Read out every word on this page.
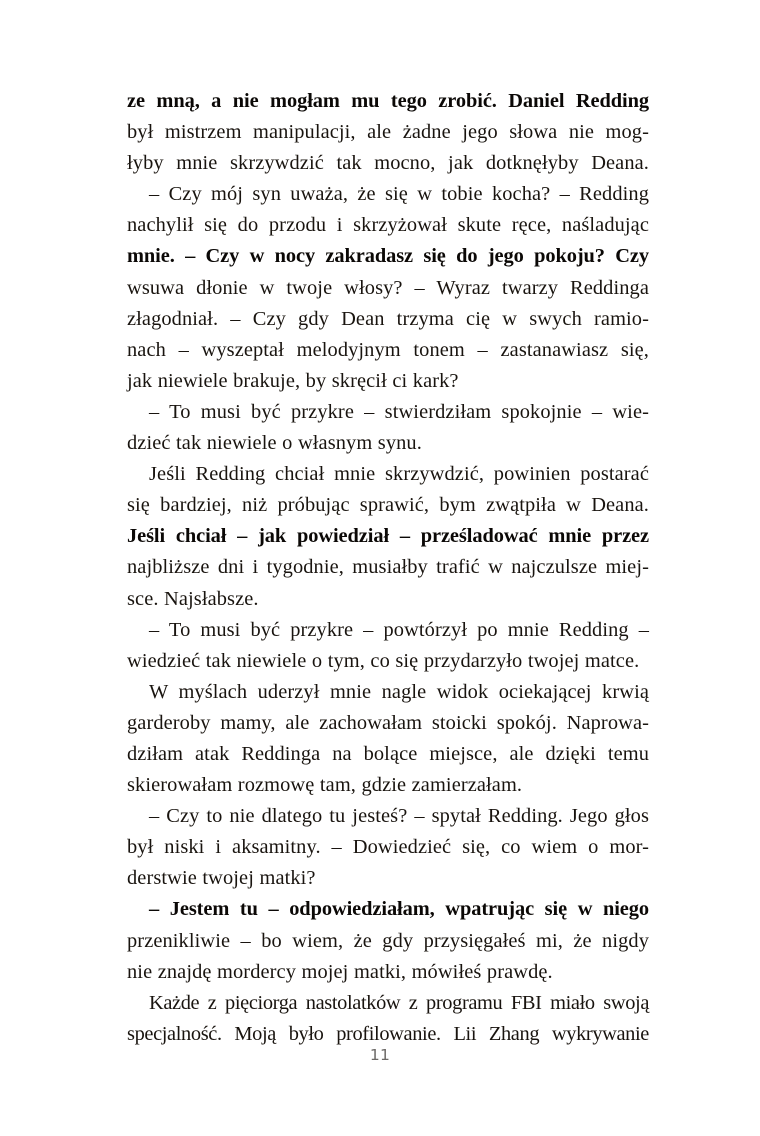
ze mną, a nie mogłam mu tego zrobić. Daniel Redding
był mistrzem manipulacji, ale żadne jego słowa nie mog-
łyby mnie skrzywdzić tak mocno, jak dotknęłyby Deana.

– Czy mój syn uważa, że się w tobie kocha? – Redding
nachylił się do przodu i skrzyżował skute ręce, naśladując
mnie. – Czy w nocy zakradasz się do jego pokoju? Czy
wsuwa dłonie w twoje włosy? – Wyraz twarzy Reddinga
złagodniał. – Czy gdy Dean trzyma cię w swych ramio-
nach – wyszeptał melodyjnym tonem – zastanawiasz się,
jak niewiele brakuje, by skręcił ci kark?

– To musi być przykre – stwierdziłam spokojnie – wie-
dzieć tak niewiele o własnym synu.

Jeśli Redding chciał mnie skrzywdzić, powinien postarać
się bardziej, niż próbując sprawić, bym zwątpiła w Deana.
Jeśli chciał – jak powiedział – prześladować mnie przez
najbliższe dni i tygodnie, musiałby trafić w najczulsze miej-
sce. Najsłabsze.

– To musi być przykre – powtórzył po mnie Redding –
wiedzieć tak niewiele o tym, co się przydarzyło twojej matce.

W myślach uderzył mnie nagle widok ociekającej krwią
garderoby mamy, ale zachowałam stoicki spokój. Naprowa-
dziłam atak Reddinga na bolące miejsce, ale dzięki temu
skierowałam rozmowę tam, gdzie zamierzałam.

– Czy to nie dlatego tu jesteś? – spytał Redding. Jego głos
był niski i aksamitny. – Dowiedzieć się, co wiem o mor-
derstwie twojej matki?

– Jestem tu – odpowiedziałam, wpatrując się w niego
przenikliwie – bo wiem, że gdy przysięgałeś mi, że nigdy
nie znajdę mordercy mojej matki, mówiłeś prawdę.

Każde z pięciorga nastolatków z programu FBI miało swoją
specjalność. Moją było profilowanie. Lii Zhang wykrywanie

11
